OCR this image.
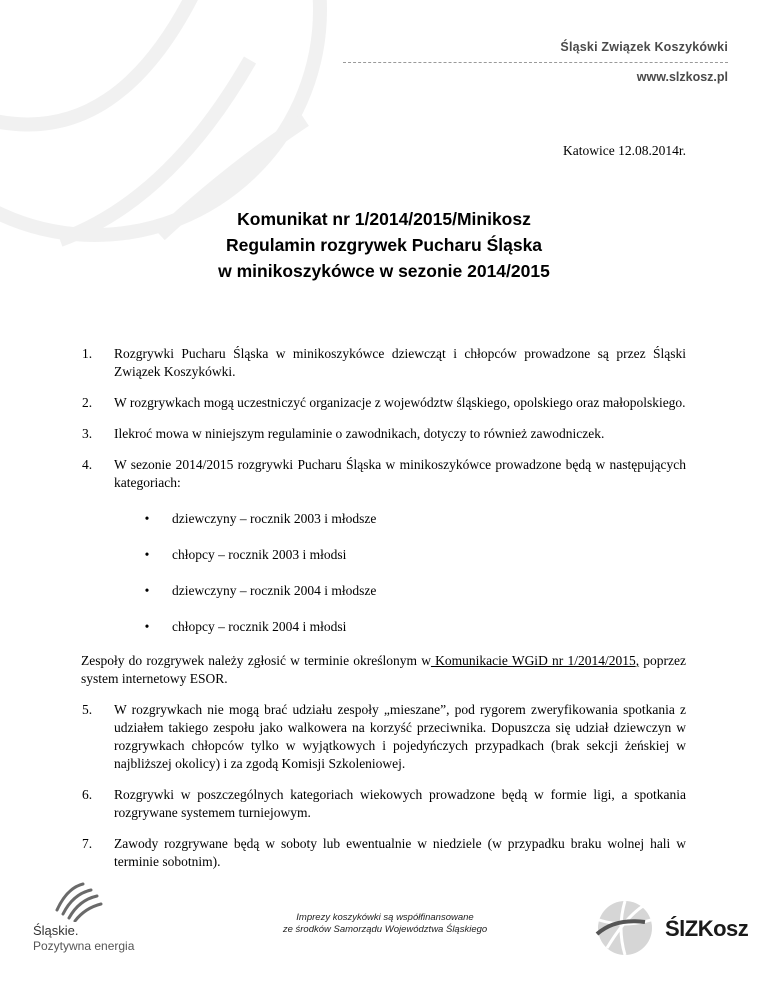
Śląski Związek Koszykówki
www.slzkosz.pl
Katowice 12.08.2014r.
Komunikat nr 1/2014/2015/Minikosz
Regulamin rozgrywek Pucharu Śląska
w minikoszykówce w sezonie 2014/2015
1.	Rozgrywki Pucharu Śląska w minikoszykówce dziewcząt i chłopców prowadzone są przez Śląski Związek Koszykówki.
2.	W rozgrywkach mogą uczestniczyć organizacje z województw śląskiego, opolskiego oraz małopolskiego.
3.	Ilekroć mowa w niniejszym regulaminie o zawodnikach, dotyczy to również zawodniczek.
4.	W sezonie 2014/2015 rozgrywki Pucharu Śląska w minikoszykówce prowadzone będą w następujących kategoriach:
•	dziewczyny – rocznik 2003 i młodsze
•	chłopcy – rocznik 2003 i młodsi
•	dziewczyny – rocznik 2004 i młodsze
•	chłopcy – rocznik 2004 i młodsi
Zespoły do rozgrywek należy zgłosić w terminie określonym w Komunikacie WGiD nr 1/2014/2015, poprzez system internetowy ESOR.
5.	W rozgrywkach nie mogą brać udziału zespoły „mieszane”, pod rygorem zweryfikowania spotkania z udziałem takiego zespołu jako walkowera na korzyść przeciwnika. Dopuszcza się udział dziewczyn w rozgrywkach chłopców tylko w wyjątkowych i pojedyńczych przypadkach (brak sekcji żeńskiej w najbliższej okolicy) i za zgodą Komisji Szkoleniowej.
6.	Rozgrywki w poszczególnych kategoriach wiekowych prowadzone będą w formie ligi, a spotkania rozgrywane systemem turniejowym.
7.	Zawody rozgrywane będą w soboty lub ewentualnie w niedziele (w przypadku braku wolnej hali w terminie sobotnim).
Śląskie.
Pozytywna energia
Imprezy koszykówki są współfinansowane
ze środków Samorządu Województwa Śląskiego	ŚlZKosz
